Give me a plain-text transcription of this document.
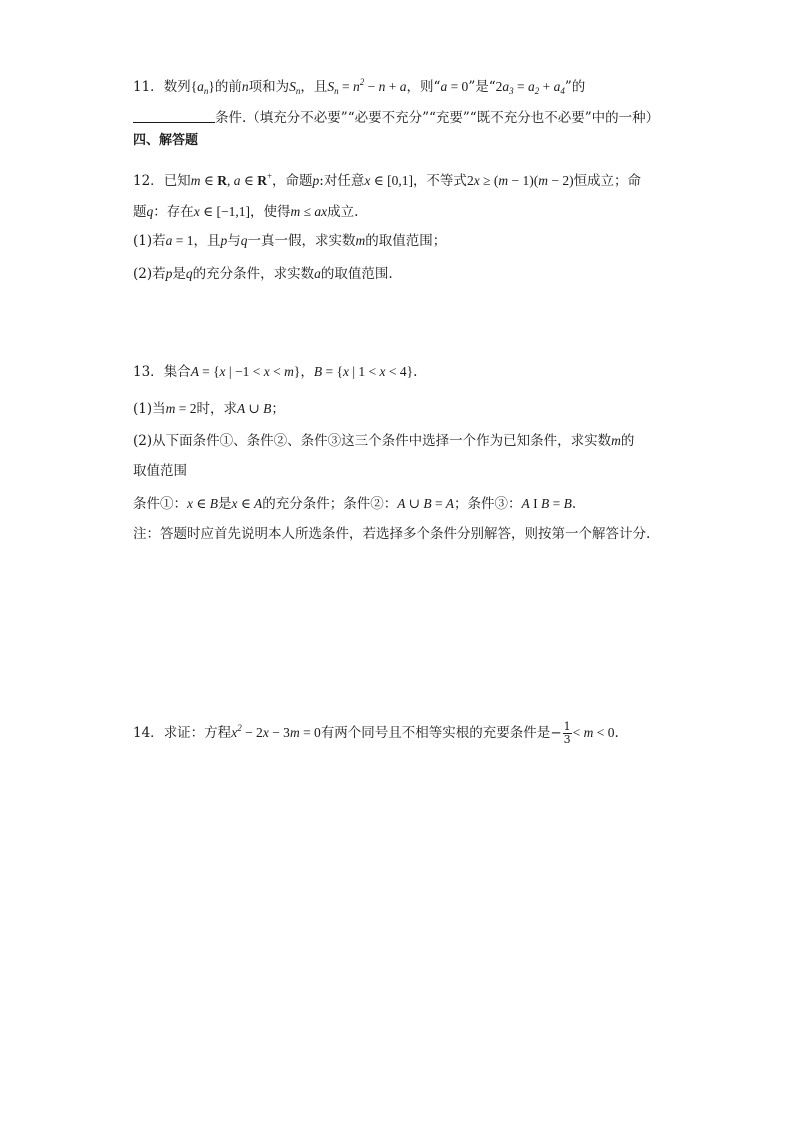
11．数列$\{a_n\}$的前n项和为$S_n$，且$S_n = n^2 - n + a$，则“a = 0”是“$2a_3 = a_2 + a_4$”的
条件.（填充分不必要”“必要不充分”“充要”“既不充分也不必要”中的一种）
四、解答题
12．已知m ∈ R, a ∈ R+，命题p:对任意x ∈ [0,1]，不等式2x ≥ (m − 1)(m − 2)恒成立；命
题q：存在x ∈ [−1,1]，使得m ≤ ax成立.
(1)若a = 1，且p与q一真一假，求实数m的取值范围；
(2)若p是q的充分条件，求实数a的取值范围.
13．集合A = {x | −1 < x < m}，B = {x | 1 < x < 4}.
(1)当m = 2时，求A ∪ B；
(2)从下面条件①、条件②、条件③这三个条件中选择一个作为已知条件，求实数m的
取值范围
条件①：x ∈ B是x ∈ A的充分条件；条件②：A ∪ B = A；条件③：A I B = B.
注：答题时应首先说明本人所选条件，若选择多个条件分别解答，则按第一个解答计分.
14．求证：方程$x^2 - 2x - 3m = 0$有两个同号且不相等实根的充要条件是− $\frac{1}{3} < m < 0$.
